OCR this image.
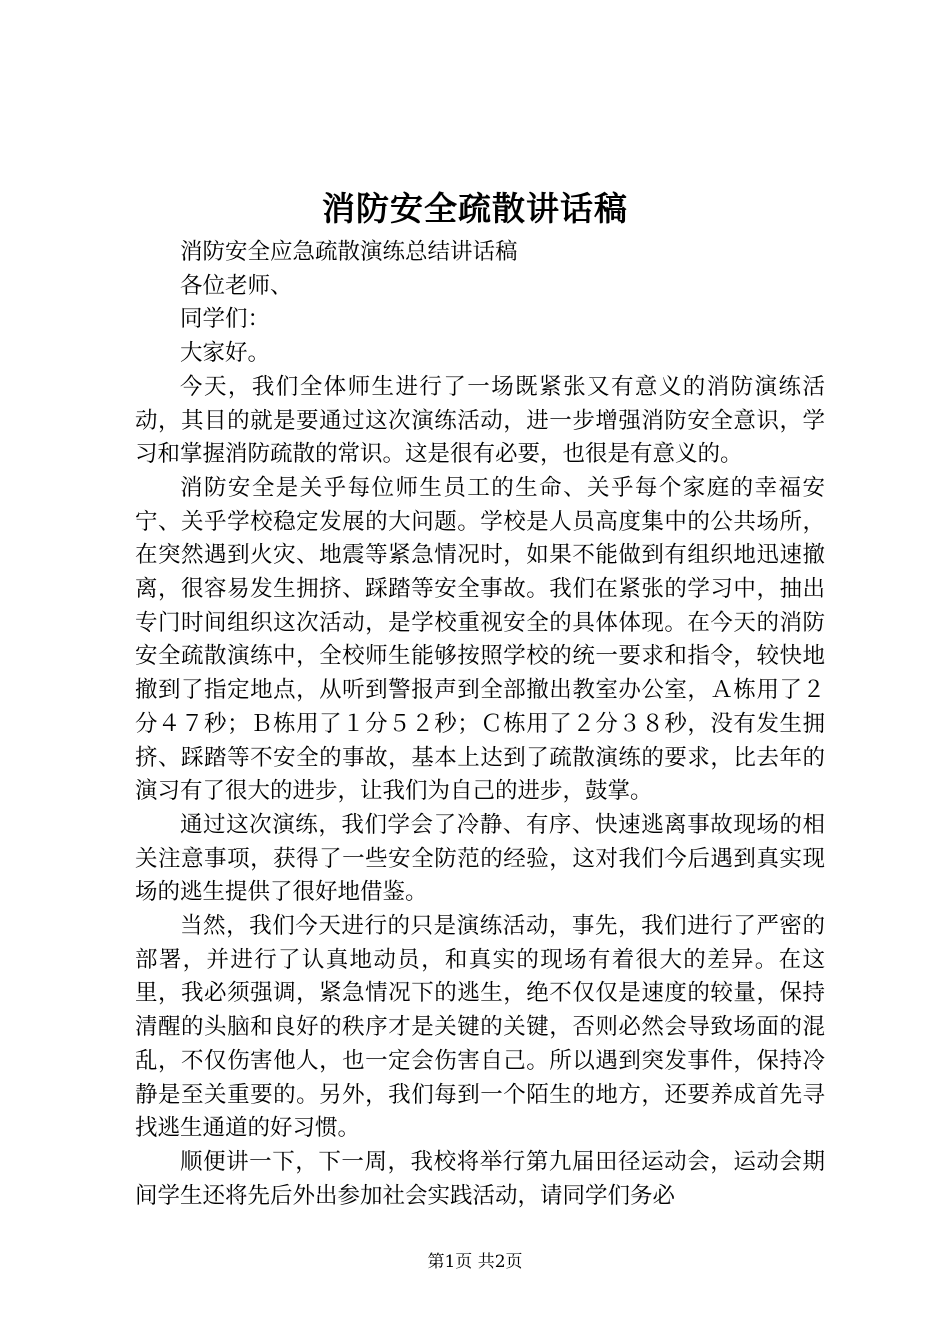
消防安全疏散讲话稿

消防安全应急疏散演练总结讲话稿

各位老师、

同学们：

大家好。

今天，我们全体师生进行了一场既紧张又有意义的消防演练活动，其目的就是要通过这次演练活动，进一步增强消防安全意识，学习和掌握消防疏散的常识。这是很有必要，也很是有意义的。

消防安全是关乎每位师生员工的生命、关乎每个家庭的幸福安宁、关乎学校稳定发展的大问题。学校是人员高度集中的公共场所，在突然遇到火灾、地震等紧急情况时，如果不能做到有组织地迅速撤离，很容易发生拥挤、踩踏等安全事故。我们在紧张的学习中，抽出专门时间组织这次活动，是学校重视安全的具体体现。在今天的消防安全疏散演练中，全校师生能够按照学校的统一要求和指令，较快地撤到了指定地点，从听到警报声到全部撤出教室办公室，Ａ栋用了２分４７秒；Ｂ栋用了１分５２秒；Ｃ栋用了２分３８秒，没有发生拥挤、踩踏等不安全的事故，基本上达到了疏散演练的要求，比去年的演习有了很大的进步，让我们为自己的进步，鼓掌。

通过这次演练，我们学会了冷静、有序、快速逃离事故现场的相关注意事项，获得了一些安全防范的经验，这对我们今后遇到真实现场的逃生提供了很好地借鉴。

当然，我们今天进行的只是演练活动，事先，我们进行了严密的部署，并进行了认真地动员，和真实的现场有着很大的差异。在这里，我必须强调，紧急情况下的逃生，绝不仅仅是速度的较量，保持清醒的头脑和良好的秩序才是关键的关键，否则必然会导致场面的混乱，不仅伤害他人，也一定会伤害自己。所以遇到突发事件，保持冷静是至关重要的。另外，我们每到一个陌生的地方，还要养成首先寻找逃生通道的好习惯。

顺便讲一下，下一周，我校将举行第九届田径运动会，运动会期间学生还将先后外出参加社会实践活动，请同学们务必

第1页 共2页
